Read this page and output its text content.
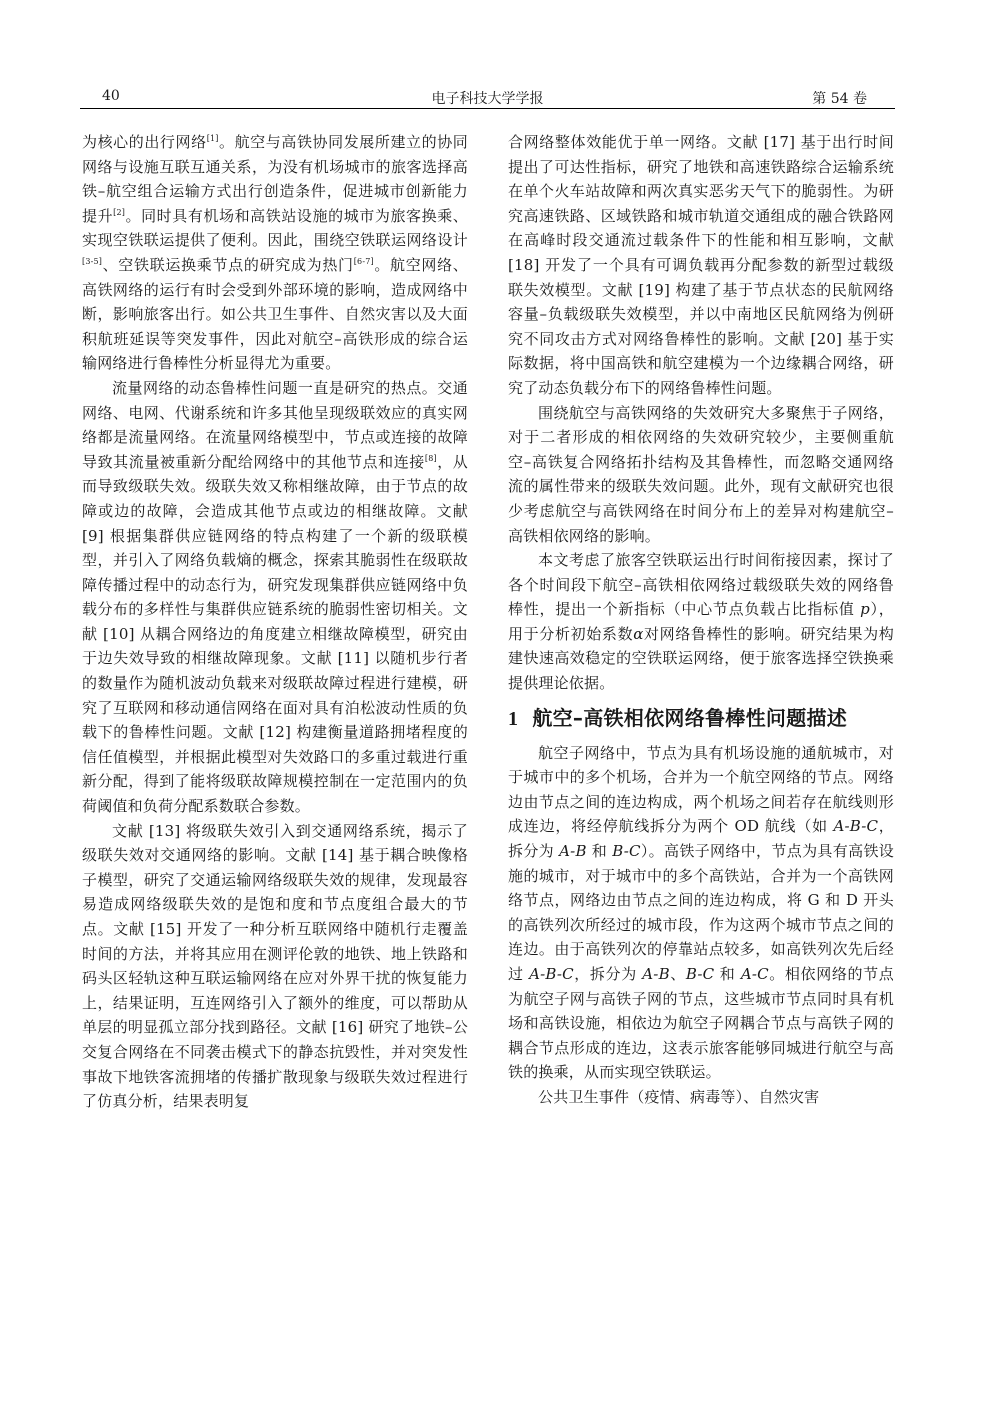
40	电子科技大学学报	第 54 卷

为核心的出行网络[1]。航空与高铁协同发展所建立的协同网络与设施互联互通关系，为没有机场城市的旅客选择高铁–航空组合运输方式出行创造条件，促进城市创新能力提升[2]。同时具有机场和高铁站设施的城市为旅客换乘、实现空铁联运提供了便利。因此，围绕空铁联运网络设计[3-5]、空铁联运换乘节点的研究成为热门[6-7]。航空网络、高铁网络的运行有时会受到外部环境的影响，造成网络中断，影响旅客出行。如公共卫生事件、自然灾害以及大面积航班延误等突发事件，因此对航空–高铁形成的综合运输网络进行鲁棒性分析显得尤为重要。

流量网络的动态鲁棒性问题一直是研究的热点。交通网络、电网、代谢系统和许多其他呈现级联效应的真实网络都是流量网络。在流量网络模型中，节点或连接的故障导致其流量被重新分配给网络中的其他节点和连接[8]，从而导致级联失效。级联失效又称相继故障，由于节点的故障或边的故障，会造成其他节点或边的相继故障。文献 [9] 根据集群供应链网络的特点构建了一个新的级联模型，并引入了网络负载熵的概念，探索其脆弱性在级联故障传播过程中的动态行为，研究发现集群供应链网络中负载分布的多样性与集群供应链系统的脆弱性密切相关。文献 [10] 从耦合网络边的角度建立相继故障模型，研究由于边失效导致的相继故障现象。文献 [11] 以随机步行者的数量作为随机波动负载来对级联故障过程进行建模，研究了互联网和移动通信网络在面对具有泊松波动性质的负载下的鲁棒性问题。文献 [12] 构建衡量道路拥堵程度的信任值模型，并根据此模型对失效路口的多重过载进行重新分配，得到了能将级联故障规模控制在一定范围内的负荷阈值和负荷分配系数联合参数。

文献 [13] 将级联失效引入到交通网络系统，揭示了级联失效对交通网络的影响。文献 [14] 基于耦合映像格子模型，研究了交通运输网络级联失效的规律，发现最容易造成网络级联失效的是饱和度和节点度组合最大的节点。文献 [15] 开发了一种分析互联网络中随机行走覆盖时间的方法，并将其应用在测评伦敦的地铁、地上铁路和码头区轻轨这种互联运输网络在应对外界干扰的恢复能力上，结果证明，互连网络引入了额外的维度，可以帮助从单层的明显孤立部分找到路径。文献 [16] 研究了地铁–公交复合网络在不同袭击模式下的静态抗毁性，并对突发性事故下地铁客流拥堵的传播扩散现象与级联失效过程进行了仿真分析，结果表明复

合网络整体效能优于单一网络。文献 [17] 基于出行时间提出了可达性指标，研究了地铁和高速铁路综合运输系统在单个火车站故障和两次真实恶劣天气下的脆弱性。为研究高速铁路、区域铁路和城市轨道交通组成的融合铁路网在高峰时段交通流过载条件下的性能和相互影响，文献 [18] 开发了一个具有可调负载再分配参数的新型过载级联失效模型。文献 [19] 构建了基于节点状态的民航网络容量–负载级联失效模型，并以中南地区民航网络为例研究不同攻击方式对网络鲁棒性的影响。文献 [20] 基于实际数据，将中国高铁和航空建模为一个边缘耦合网络，研究了动态负载分布下的网络鲁棒性问题。

围绕航空与高铁网络的失效研究大多聚焦于子网络，对于二者形成的相依网络的失效研究较少，主要侧重航空–高铁复合网络拓扑结构及其鲁棒性，而忽略交通网络流的属性带来的级联失效问题。此外，现有文献研究也很少考虑航空与高铁网络在时间分布上的差异对构建航空–高铁相依网络的影响。

本文考虑了旅客空铁联运出行时间衔接因素，探讨了各个时间段下航空–高铁相依网络过载级联失效的网络鲁棒性，提出一个新指标（中心节点负载占比指标值 p），用于分析初始系数α对网络鲁棒性的影响。研究结果为构建快速高效稳定的空铁联运网络，便于旅客选择空铁换乘提供理论依据。

1 航空–高铁相依网络鲁棒性问题描述

航空子网络中，节点为具有机场设施的通航城市，对于城市中的多个机场，合并为一个航空网络的节点。网络边由节点之间的连边构成，两个机场之间若存在航线则形成连边，将经停航线拆分为两个 OD 航线（如 A-B-C，拆分为 A-B 和 B-C）。高铁子网络中，节点为具有高铁设施的城市，对于城市中的多个高铁站，合并为一个高铁网络节点，网络边由节点之间的连边构成，将 G 和 D 开头的高铁列次所经过的城市段，作为这两个城市节点之间的连边。由于高铁列次的停靠站点较多，如高铁列次先后经过 A-B-C，拆分为 A-B、B-C 和 A-C。相依网络的节点为航空子网与高铁子网的节点，这些城市节点同时具有机场和高铁设施，相依边为航空子网耦合节点与高铁子网的耦合节点形成的连边，这表示旅客能够同城进行航空与高铁的换乘，从而实现空铁联运。

公共卫生事件（疫情、病毒等）、自然灾害
